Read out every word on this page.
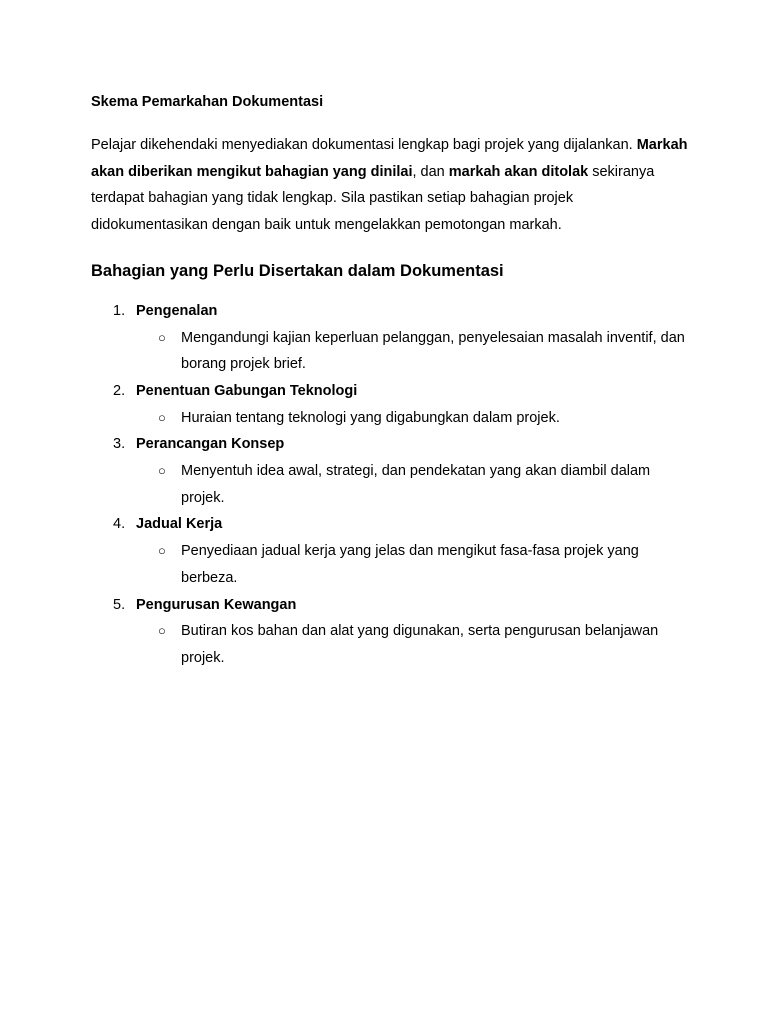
Skema Pemarkahan Dokumentasi

Pelajar dikehendaki menyediakan dokumentasi lengkap bagi projek yang dijalankan. Markah akan diberikan mengikut bahagian yang dinilai, dan markah akan ditolak sekiranya terdapat bahagian yang tidak lengkap. Sila pastikan setiap bahagian projek didokumentasikan dengan baik untuk mengelakkan pemotongan markah.

Bahagian yang Perlu Disertakan dalam Dokumentasi
1. Pengenalan
○ Mengandungi kajian keperluan pelanggan, penyelesaian masalah inventif, dan borang projek brief.
2. Penentuan Gabungan Teknologi
○ Huraian tentang teknologi yang digabungkan dalam projek.
3. Perancangan Konsep
○ Menyentuh idea awal, strategi, dan pendekatan yang akan diambil dalam projek.
4. Jadual Kerja
○ Penyediaan jadual kerja yang jelas dan mengikut fasa-fasa projek yang berbeza.
5. Pengurusan Kewangan
○ Butiran kos bahan dan alat yang digunakan, serta pengurusan belanjawan projek.
